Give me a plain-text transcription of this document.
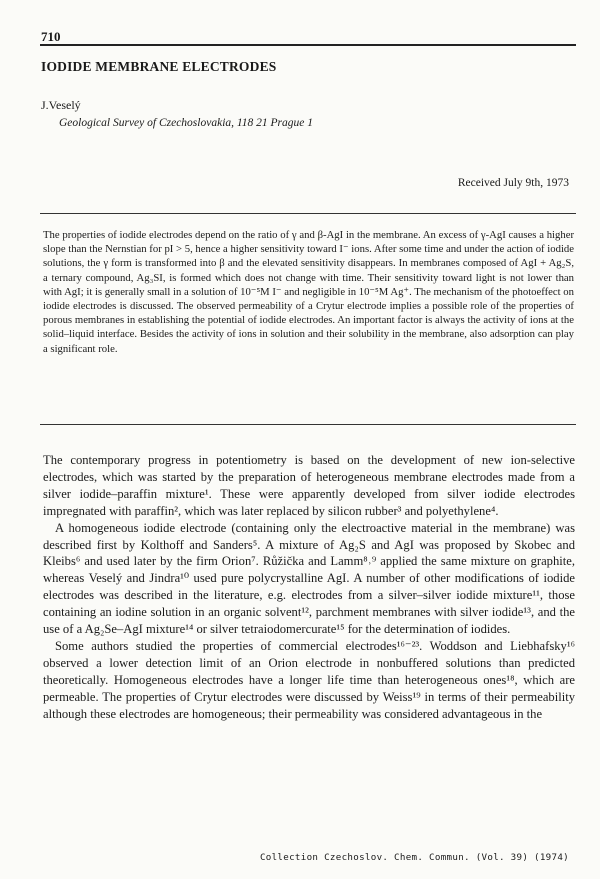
710
IODIDE MEMBRANE ELECTRODES
J.Veselý
Geological Survey of Czechoslovakia, 118 21 Prague 1
Received July 9th, 1973
The properties of iodide electrodes depend on the ratio of γ and β-AgI in the membrane. An excess of γ-AgI causes a higher slope than the Nernstian for pI > 5, hence a higher sensitivity toward I⁻ ions. After some time and under the action of iodide solutions, the γ form is transformed into β and the elevated sensitivity disappears. In membranes composed of AgI + Ag₂S, a ternary compound, Ag₃SI, is formed which does not change with time. Their sensitivity toward light is not lower than with AgI; it is generally small in a solution of 10⁻⁵M I⁻ and negligible in 10⁻⁵M Ag⁺. The mechanism of the photoeffect on iodide electrodes is discussed. The observed permeability of a Crytur electrode implies a possible role of the properties of porous membranes in establishing the potential of iodide electrodes. An important factor is always the activity of ions at the solid–liquid interface. Besides the activity of ions in solution and their solubility in the membrane, also adsorption can play a significant role.

The contemporary progress in potentiometry is based on the development of new ion-selective electrodes, which was started by the preparation of heterogeneous membrane electrodes made from a silver iodide–paraffin mixture¹. These were apparently developed from silver iodide electrodes impregnated with paraffin², which was later replaced by silicon rubber³ and polyethylene⁴.

A homogeneous iodide electrode (containing only the electroactive material in the membrane) was described first by Kolthoff and Sanders⁵. A mixture of Ag₂S and AgI was proposed by Skobec and Kleibs⁶ and used later by the firm Orion⁷. Růžička and Lamm⁸˒⁹ applied the same mixture on graphite, whereas Veselý and Jindra¹⁰ used pure polycrystalline AgI. A number of other modifications of iodide electrodes was described in the literature, e.g. electrodes from a silver–silver iodide mixture¹¹, those containing an iodine solution in an organic solvent¹², parchment membranes with silver iodide¹³, and the use of a Ag₂Se–AgI mixture¹⁴ or silver tetraiodomercurate¹⁵ for the determination of iodides.

Some authors studied the properties of commercial electrodes¹⁶⁻²³. Woddson and Liebhafsky¹⁶ observed a lower detection limit of an Orion electrode in nonbuffered solutions than predicted theoretically. Homogeneous electrodes have a longer life time than heterogeneous ones¹⁸, which are permeable. The properties of Crytur electrodes were discussed by Weiss¹⁹ in terms of their permeability although these electrodes are homogeneous; their permeability was considered advantageous in the

Collection Czechoslov. Chem. Commun. (Vol. 39) (1974)
